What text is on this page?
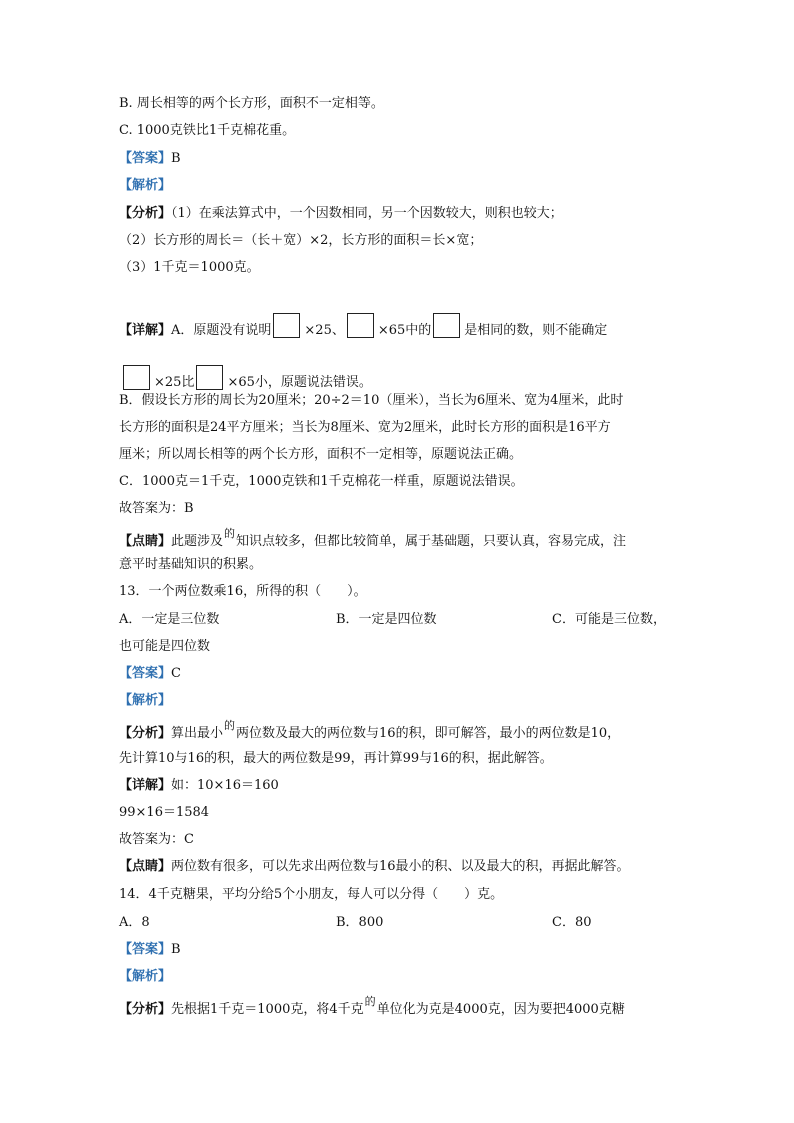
B. 周长相等的两个长方形，面积不一定相等。
C. 1000克铁比1千克棉花重。
【答案】B
【解析】
【分析】（1）在乘法算式中，一个因数相同，另一个因数较大，则积也较大；
（2）长方形的周长＝（长＋宽）×2，长方形的面积＝长×宽；
（3）1千克＝1000克。
【详解】A．原题没有说明	×25、	×65中的	是相同的数，则不能确定
×25比	×65小，原题说法错误。
B．假设长方形的周长为20厘米；20÷2＝10（厘米），当长为6厘米、宽为4厘米，此时
长方形的面积是24平方厘米；当长为8厘米、宽为2厘米，此时长方形的面积是16平方
厘米；所以周长相等的两个长方形，面积不一定相等，原题说法正确。
C．1000克＝1千克，1000克铁和1千克棉花一样重，原题说法错误。
故答案为：B
【点睛】此题涉及$^的$知识点较多，但都比较简单，属于基础题，只要认真，容易完成，注
意平时基础知识的积累。
13．一个两位数乘16，所得的积（　　）。
A．一定是三位数	B．一定是四位数	C．可能是三位数，
也可能是四位数
【答案】C
【解析】
【分析】算出最小$^的$两位数及最大的两位数与16的积，即可解答，最小的两位数是10，
先计算10与16的积，最大的两位数是99，再计算99与16的积，据此解答。
【详解】如：10×16＝160
99×16＝1584
故答案为：C
【点睛】两位数有很多，可以先求出两位数与16最小的积、以及最大的积，再据此解答。
14．4千克糖果，平均分给5个小朋友，每人可以分得（　　）克。
A．8	B．800	C．80
【答案】B
【解析】
【分析】先根据1千克＝1000克，将4千克$^的$单位化为克是4000克，因为要把4000克糖
